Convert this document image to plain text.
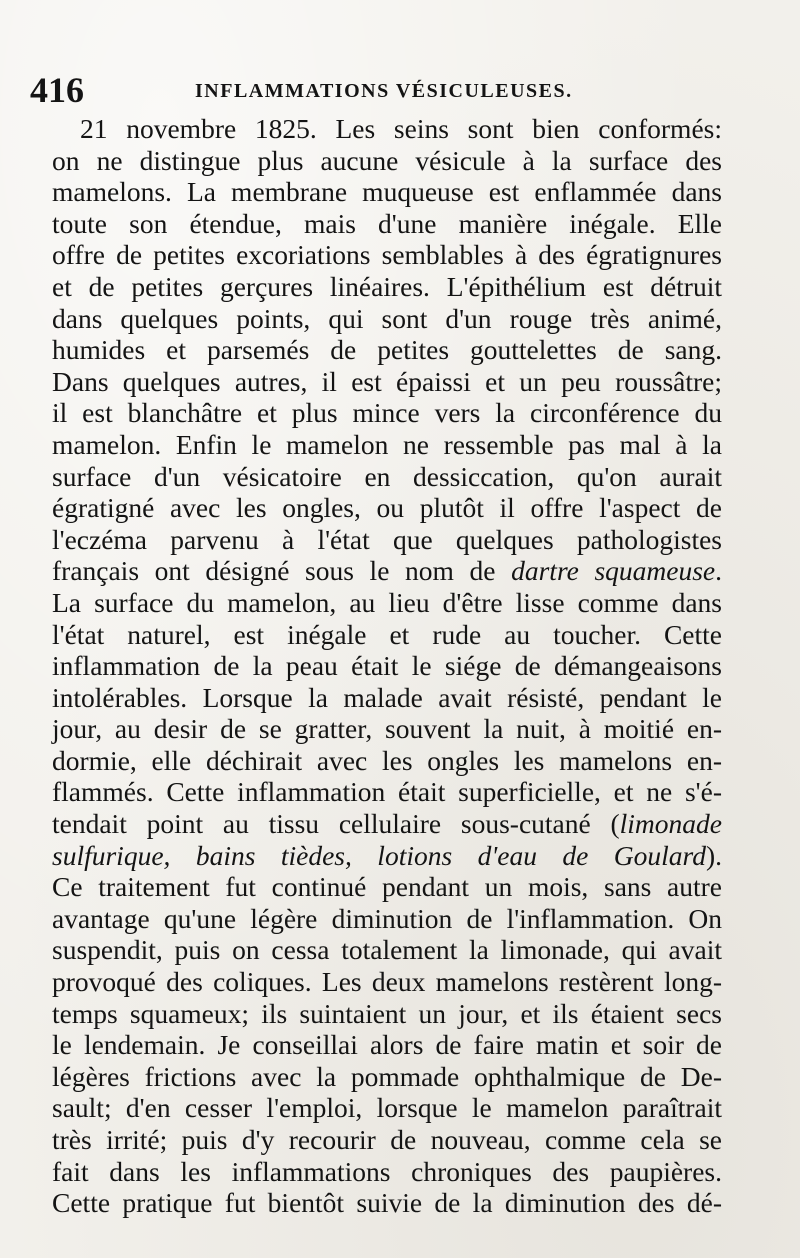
416	INFLAMMATIONS VÉSICULEUSES.
21 novembre 1825. Les seins sont bien conformés:
on ne distingue plus aucune vésicule à la surface des
mamelons. La membrane muqueuse est enflammée dans
toute son étendue, mais d'une manière inégale. Elle
offre de petites excoriations semblables à des égratignures
et de petites gerçures linéaires. L'épithélium est détruit
dans quelques points, qui sont d'un rouge très animé,
humides et parsemés de petites gouttelettes de sang.
Dans quelques autres, il est épaissi et un peu roussâtre;
il est blanchâtre et plus mince vers la circonférence du
mamelon. Enfin le mamelon ne ressemble pas mal à la
surface d'un vésicatoire en dessiccation, qu'on aurait
égratigné avec les ongles, ou plutôt il offre l'aspect de
l'eczéma parvenu à l'état que quelques pathologistes
français ont désigné sous le nom de dartre squameuse.
La surface du mamelon, au lieu d'être lisse comme dans
l'état naturel, est inégale et rude au toucher. Cette
inflammation de la peau était le siége de démangeaisons
intolérables. Lorsque la malade avait résisté, pendant le
jour, au desir de se gratter, souvent la nuit, à moitié en-
dormie, elle déchirait avec les ongles les mamelons en-
flammés. Cette inflammation était superficielle, et ne s'é-
tendait point au tissu cellulaire sous-cutané (limonade
sulfurique, bains tièdes, lotions d'eau de Goulard).
Ce traitement fut continué pendant un mois, sans autre
avantage qu'une légère diminution de l'inflammation. On
suspendit, puis on cessa totalement la limonade, qui avait
provoqué des coliques. Les deux mamelons restèrent long-
temps squameux; ils suintaient un jour, et ils étaient secs
le lendemain. Je conseillai alors de faire matin et soir de
légères frictions avec la pommade ophthalmique de De-
sault; d'en cesser l'emploi, lorsque le mamelon paraîtrait
très irrité; puis d'y recourir de nouveau, comme cela se
fait dans les inflammations chroniques des paupières.
Cette pratique fut bientôt suivie de la diminution des dé-
